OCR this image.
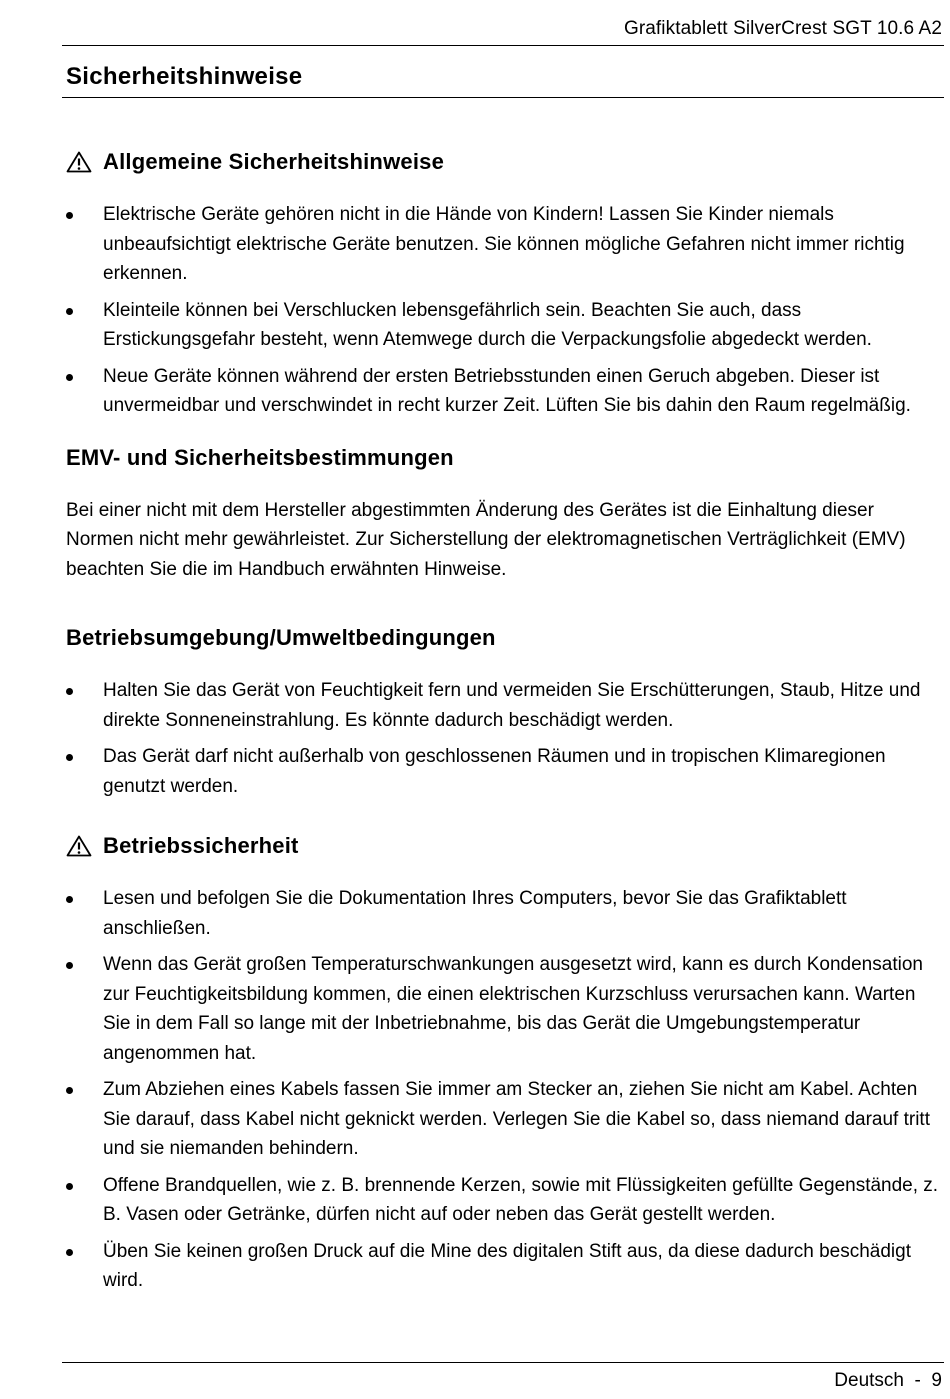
Grafiktablett SilverCrest SGT 10.6 A2
Sicherheitshinweise
Allgemeine Sicherheitshinweise
Elektrische Geräte gehören nicht in die Hände von Kindern! Lassen Sie Kinder niemals unbeaufsichtigt elektrische Geräte benutzen. Sie können mögliche Gefahren nicht immer richtig erkennen.
Kleinteile können bei Verschlucken lebensgefährlich sein. Beachten Sie auch, dass Erstickungsgefahr besteht, wenn Atemwege durch die Verpackungsfolie abgedeckt werden.
Neue Geräte können während der ersten Betriebsstunden einen Geruch abgeben. Dieser ist unvermeidbar und verschwindet in recht kurzer Zeit. Lüften Sie bis dahin den Raum regelmäßig.
EMV- und Sicherheitsbestimmungen

Bei einer nicht mit dem Hersteller abgestimmten Änderung des Gerätes ist die Einhaltung dieser Normen nicht mehr gewährleistet. Zur Sicherstellung der elektromagnetischen Verträglichkeit (EMV) beachten Sie die im Handbuch erwähnten Hinweise.

Betriebsumgebung/Umweltbedingungen
Halten Sie das Gerät von Feuchtigkeit fern und vermeiden Sie Erschütterungen, Staub, Hitze und direkte Sonneneinstrahlung. Es könnte dadurch beschädigt werden.
Das Gerät darf nicht außerhalb von geschlossenen Räumen und in tropischen Klimaregionen genutzt werden.
Betriebssicherheit
Lesen und befolgen Sie die Dokumentation Ihres Computers, bevor Sie das Grafiktablett anschließen.
Wenn das Gerät großen Temperaturschwankungen ausgesetzt wird, kann es durch Kondensation zur Feuchtigkeitsbildung kommen, die einen elektrischen Kurzschluss verursachen kann. Warten Sie in dem Fall so lange mit der Inbetriebnahme, bis das Gerät die Umgebungstemperatur angenommen hat.
Zum Abziehen eines Kabels fassen Sie immer am Stecker an, ziehen Sie nicht am Kabel. Achten Sie darauf, dass Kabel nicht geknickt werden. Verlegen Sie die Kabel so, dass niemand darauf tritt und sie niemanden behindern.
Offene Brandquellen, wie z. B. brennende Kerzen, sowie mit Flüssigkeiten gefüllte Gegenstände, z. B. Vasen oder Getränke, dürfen nicht auf oder neben das Gerät gestellt werden.
Üben Sie keinen großen Druck auf die Mine des digitalen Stift aus, da diese dadurch beschädigt wird.
Deutsch  -  9
